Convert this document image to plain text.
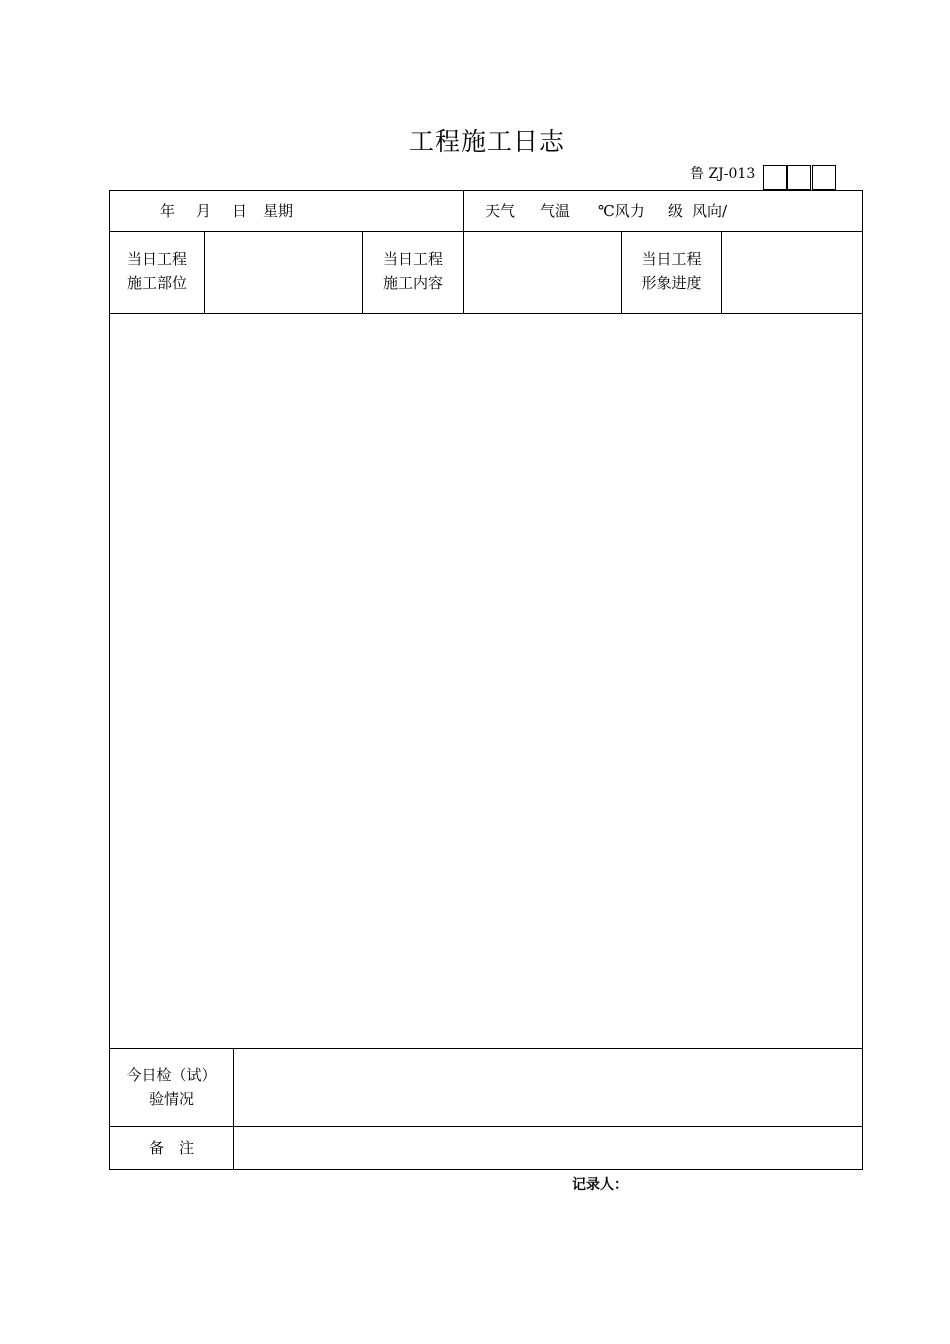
工程施工日志
鲁 ZJ-013
年 月 日 星期	天气 气温 ℃风力 级 风向/
当日工程
施工部位
当日工程
施工内容
当日工程
形象进度
今日检（试）
验情况
备　注
记录人：
